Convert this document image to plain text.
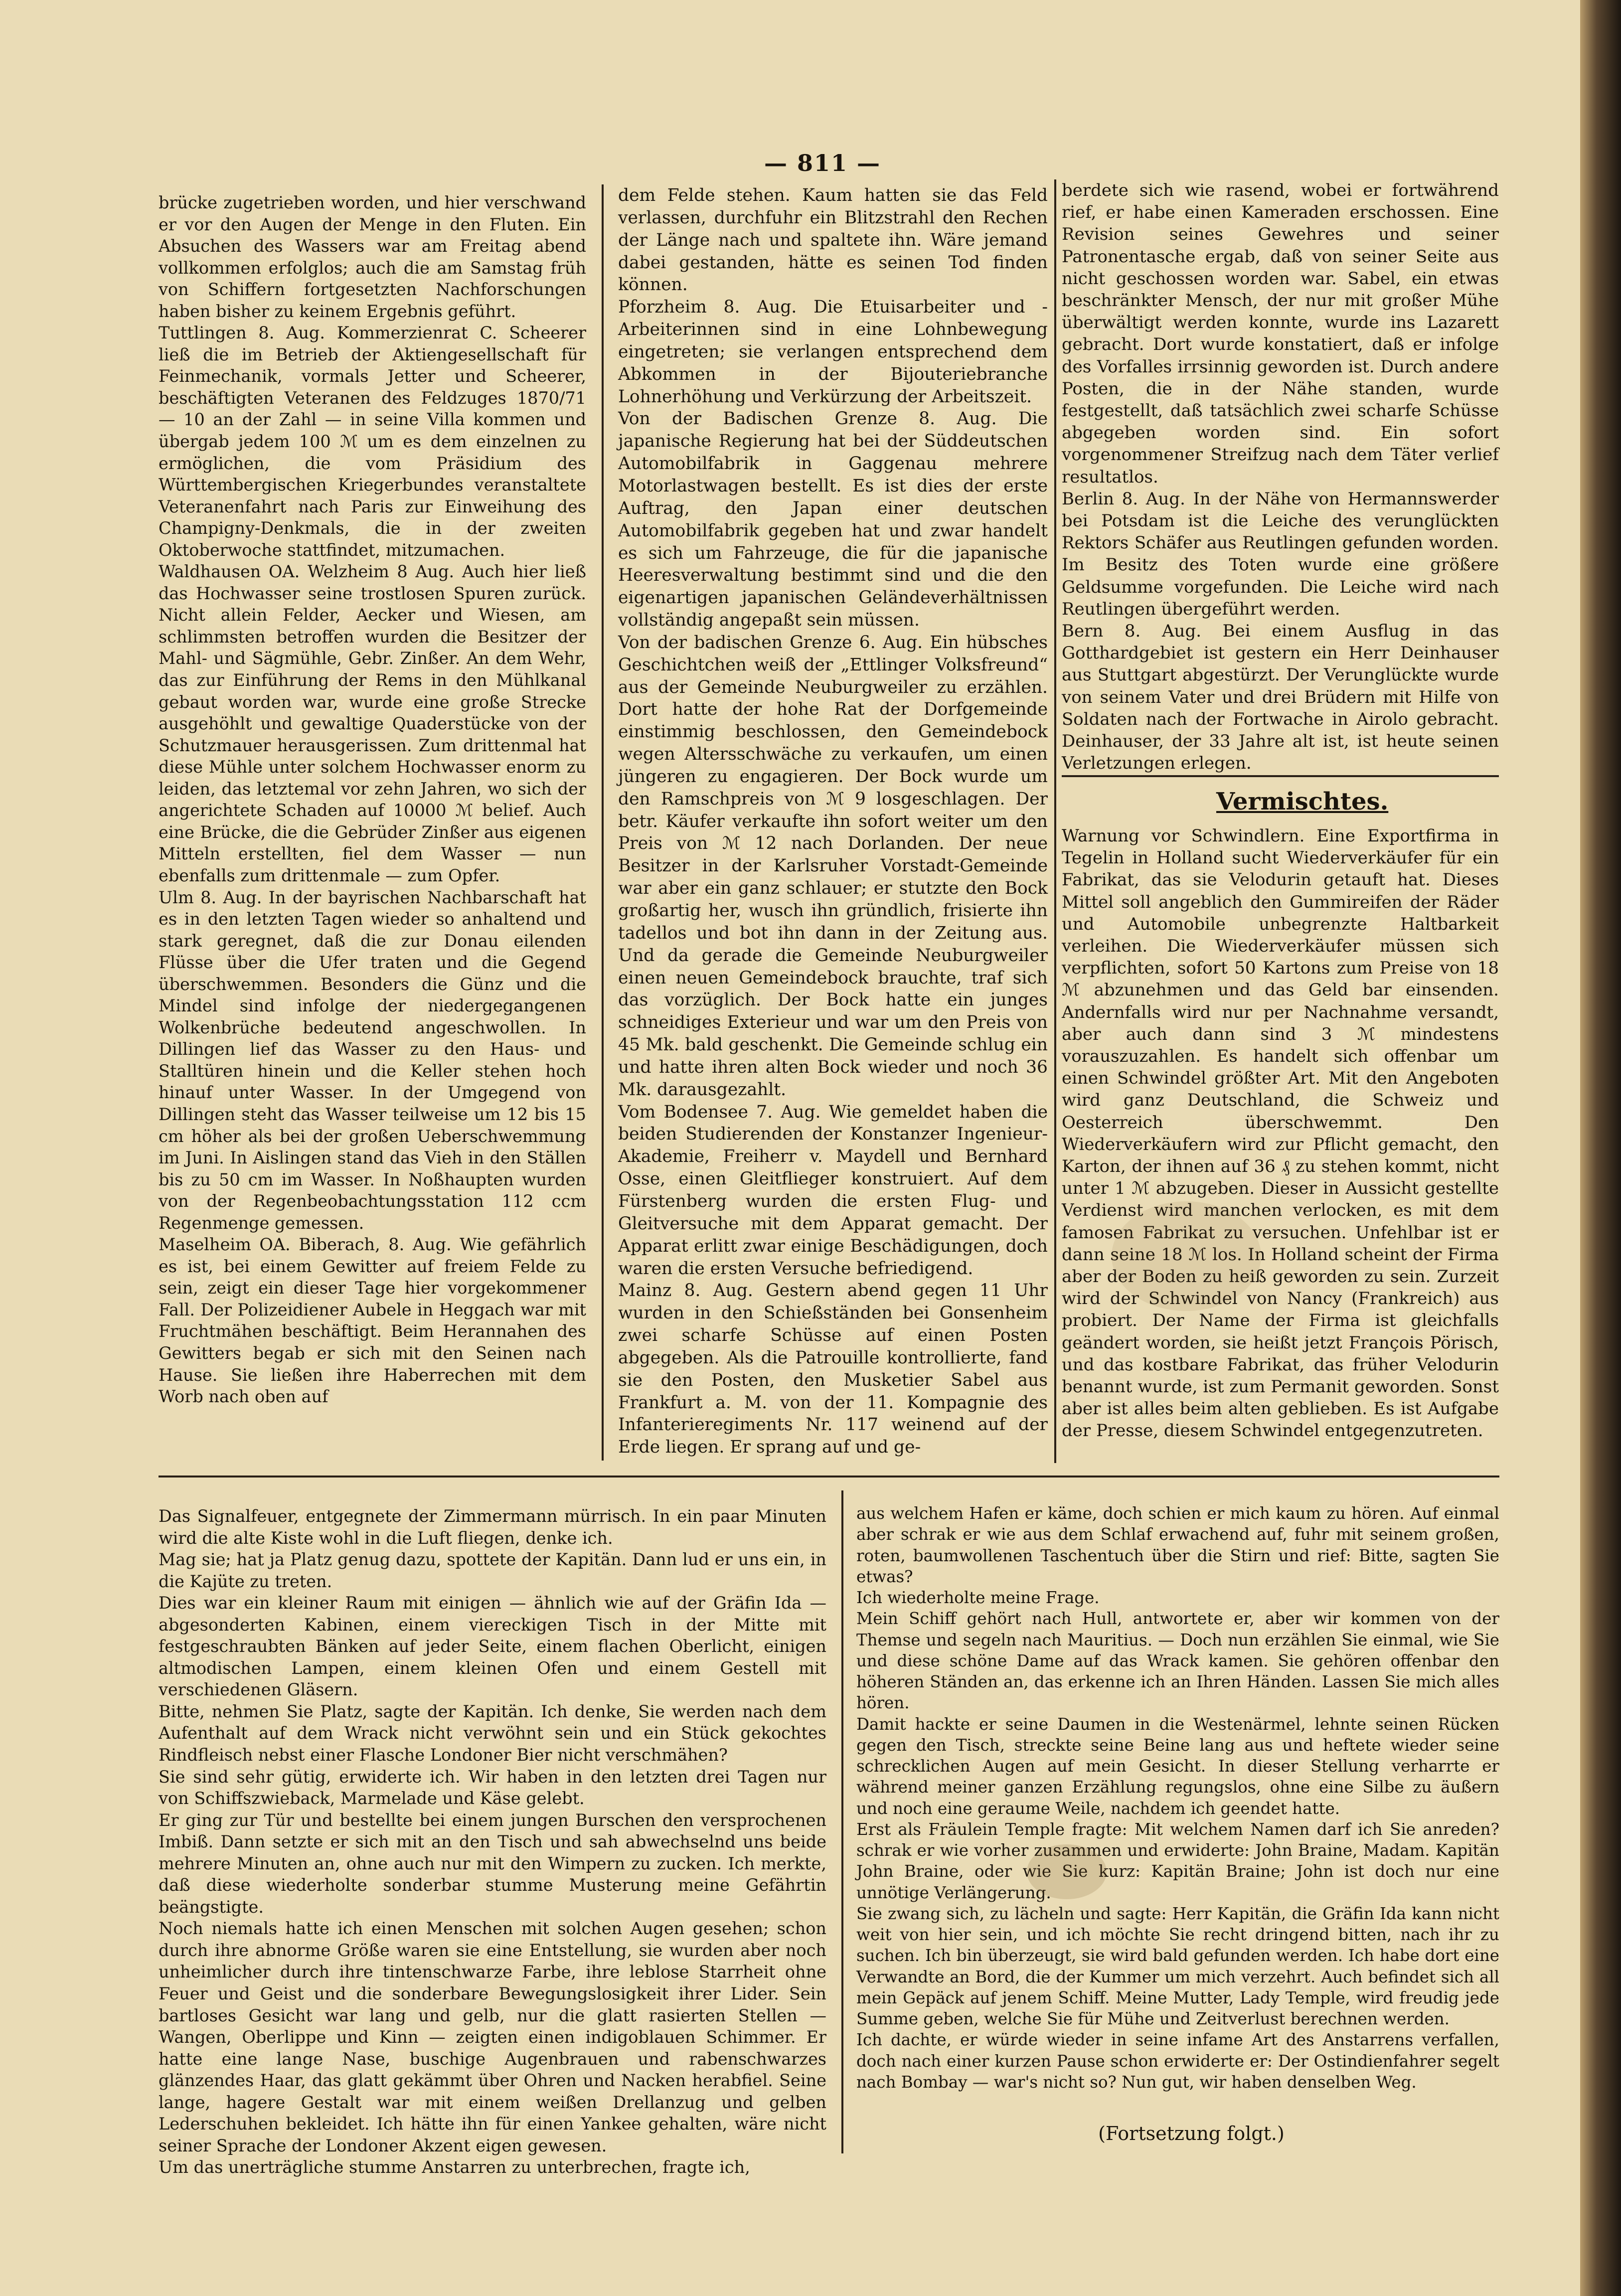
— 811 —

brücke zugetrieben worden, und hier verschwand er vor den Augen der Menge in den Fluten. Ein Absuchen des Wassers war am Freitag abend vollkommen erfolglos; auch die am Samstag früh von Schiffern fortgesetzten Nachforschungen haben bisher zu keinem Ergebnis geführt.
Tuttlingen 8. Aug. Kommerzienrat C. Scheerer ließ die im Betrieb der Aktiengesellschaft für Feinmechanik, vormals Jetter und Scheerer, beschäftigten Veteranen des Feldzuges 1870/71 — 10 an der Zahl — in seine Villa kommen und übergab jedem 100 ℳ um es dem einzelnen zu ermöglichen, die vom Präsidium des Württembergischen Kriegerbundes veranstaltete Veteranenfahrt nach Paris zur Einweihung des Champigny-Denkmals, die in der zweiten Oktoberwoche stattfindet, mitzumachen.
Waldhausen OA. Welzheim 8 Aug. Auch hier ließ das Hochwasser seine trostlosen Spuren zurück. Nicht allein Felder, Aecker und Wiesen, am schlimmsten betroffen wurden die Besitzer der Mahl- und Sägmühle, Gebr. Zinßer. An dem Wehr, das zur Einführung der Rems in den Mühlkanal gebaut worden war, wurde eine große Strecke ausgehöhlt und gewaltige Quaderstücke von der Schutzmauer herausgerissen. Zum drittenmal hat diese Mühle unter solchem Hochwasser enorm zu leiden, das letztemal vor zehn Jahren, wo sich der angerichtete Schaden auf 10000 ℳ belief. Auch eine Brücke, die die Gebrüder Zinßer aus eigenen Mitteln erstellten, fiel dem Wasser — nun ebenfalls zum drittenmale — zum Opfer.
Ulm 8. Aug. In der bayrischen Nachbarschaft hat es in den letzten Tagen wieder so anhaltend und stark geregnet, daß die zur Donau eilenden Flüsse über die Ufer traten und die Gegend überschwemmen. Besonders die Günz und die Mindel sind infolge der niedergegangenen Wolkenbrüche bedeutend angeschwollen. In Dillingen lief das Wasser zu den Haus- und Stalltüren hinein und die Keller stehen hoch hinauf unter Wasser. In der Umgegend von Dillingen steht das Wasser teilweise um 12 bis 15 cm höher als bei der großen Ueberschwemmung im Juni. In Aislingen stand das Vieh in den Ställen bis zu 50 cm im Wasser. In Noßhaupten wurden von der Regenbeobachtungsstation 112 ccm Regenmenge gemessen.
Maselheim OA. Biberach, 8. Aug. Wie gefährlich es ist, bei einem Gewitter auf freiem Felde zu sein, zeigt ein dieser Tage hier vorgekommener Fall. Der Polizeidiener Aubele in Heggach war mit Fruchtmähen beschäftigt. Beim Herannahen des Gewitters begab er sich mit den Seinen nach Hause. Sie ließen ihre Haberrechen mit dem Worb nach oben auf

dem Felde stehen. Kaum hatten sie das Feld verlassen, durchfuhr ein Blitzstrahl den Rechen der Länge nach und spaltete ihn. Wäre jemand dabei gestanden, hätte es seinen Tod finden können.
Pforzheim 8. Aug. Die Etuisarbeiter und -Arbeiterinnen sind in eine Lohnbewegung eingetreten; sie verlangen entsprechend dem Abkommen in der Bijouteriebranche Lohnerhöhung und Verkürzung der Arbeitszeit.
Von der Badischen Grenze 8. Aug. Die japanische Regierung hat bei der Süddeutschen Automobilfabrik in Gaggenau mehrere Motorlastwagen bestellt. Es ist dies der erste Auftrag, den Japan einer deutschen Automobilfabrik gegeben hat und zwar handelt es sich um Fahrzeuge, die für die japanische Heeresverwaltung bestimmt sind und die den eigenartigen japanischen Geländeverhältnissen vollständig angepaßt sein müssen.
Von der badischen Grenze 6. Aug. Ein hübsches Geschichtchen weiß der „Ettlinger Volksfreund“ aus der Gemeinde Neuburgweiler zu erzählen. Dort hatte der hohe Rat der Dorfgemeinde einstimmig beschlossen, den Gemeindebock wegen Altersschwäche zu verkaufen, um einen jüngeren zu engagieren. Der Bock wurde um den Ramschpreis von ℳ 9 losgeschlagen. Der betr. Käufer verkaufte ihn sofort weiter um den Preis von ℳ 12 nach Dorlanden. Der neue Besitzer in der Karlsruher Vorstadt-Gemeinde war aber ein ganz schlauer; er stutzte den Bock großartig her, wusch ihn gründlich, frisierte ihn tadellos und bot ihn dann in der Zeitung aus. Und da gerade die Gemeinde Neuburgweiler einen neuen Gemeindebock brauchte, traf sich das vorzüglich. Der Bock hatte ein junges schneidiges Exterieur und war um den Preis von 45 Mk. bald geschenkt. Die Gemeinde schlug ein und hatte ihren alten Bock wieder und noch 36 Mk. darausgezahlt.
Vom Bodensee 7. Aug. Wie gemeldet haben die beiden Studierenden der Konstanzer Ingenieur-Akademie, Freiherr v. Maydell und Bernhard Osse, einen Gleitflieger konstruiert. Auf dem Fürstenberg wurden die ersten Flug- und Gleitversuche mit dem Apparat gemacht. Der Apparat erlitt zwar einige Beschädigungen, doch waren die ersten Versuche befriedigend.
Mainz 8. Aug. Gestern abend gegen 11 Uhr wurden in den Schießständen bei Gonsenheim zwei scharfe Schüsse auf einen Posten abgegeben. Als die Patrouille kontrollierte, fand sie den Posten, den Musketier Sabel aus Frankfurt a. M. von der 11. Kompagnie des Infanterieregiments Nr. 117 weinend auf der Erde liegen. Er sprang auf und ge-

berdete sich wie rasend, wobei er fortwährend rief, er habe einen Kameraden erschossen. Eine Revision seines Gewehres und seiner Patronentasche ergab, daß von seiner Seite aus nicht geschossen worden war. Sabel, ein etwas beschränkter Mensch, der nur mit großer Mühe überwältigt werden konnte, wurde ins Lazarett gebracht. Dort wurde konstatiert, daß er infolge des Vorfalles irrsinnig geworden ist. Durch andere Posten, die in der Nähe standen, wurde festgestellt, daß tatsächlich zwei scharfe Schüsse abgegeben worden sind. Ein sofort vorgenommener Streifzug nach dem Täter verlief resultatlos.
Berlin 8. Aug. In der Nähe von Hermannswerder bei Potsdam ist die Leiche des verunglückten Rektors Schäfer aus Reutlingen gefunden worden. Im Besitz des Toten wurde eine größere Geldsumme vorgefunden. Die Leiche wird nach Reutlingen übergeführt werden.
Bern 8. Aug. Bei einem Ausflug in das Gotthardgebiet ist gestern ein Herr Deinhauser aus Stuttgart abgestürzt. Der Verunglückte wurde von seinem Vater und drei Brüdern mit Hilfe von Soldaten nach der Fortwache in Airolo gebracht. Deinhauser, der 33 Jahre alt ist, ist heute seinen Verletzungen erlegen.

Vermischtes.

Warnung vor Schwindlern. Eine Exportfirma in Tegelin in Holland sucht Wiederverkäufer für ein Fabrikat, das sie Velodurin getauft hat. Dieses Mittel soll angeblich den Gummireifen der Räder und Automobile unbegrenzte Haltbarkeit verleihen. Die Wiederverkäufer müssen sich verpflichten, sofort 50 Kartons zum Preise von 18 ℳ abzunehmen und das Geld bar einsenden. Andernfalls wird nur per Nachnahme versandt, aber auch dann sind 3 ℳ mindestens vorauszuzahlen. Es handelt sich offenbar um einen Schwindel größter Art. Mit den Angeboten wird ganz Deutschland, die Schweiz und Oesterreich überschwemmt. Den Wiederverkäufern wird zur Pflicht gemacht, den Karton, der ihnen auf 36 ₰ zu stehen kommt, nicht unter 1 ℳ abzugeben. Dieser in Aussicht gestellte Verdienst wird manchen verlocken, es mit dem famosen Fabrikat zu versuchen. Unfehlbar ist er dann seine 18 ℳ los. In Holland scheint der Firma aber der Boden zu heiß geworden zu sein. Zurzeit wird der Schwindel von Nancy (Frankreich) aus probiert. Der Name der Firma ist gleichfalls geändert worden, sie heißt jetzt François Pörisch, und das kostbare Fabrikat, das früher Velodurin benannt wurde, ist zum Permanit geworden. Sonst aber ist alles beim alten geblieben. Es ist Aufgabe der Presse, diesem Schwindel entgegenzutreten.

Das Signalfeuer, entgegnete der Zimmermann mürrisch. In ein paar Minuten wird die alte Kiste wohl in die Luft fliegen, denke ich.
Mag sie; hat ja Platz genug dazu, spottete der Kapitän. Dann lud er uns ein, in die Kajüte zu treten.
Dies war ein kleiner Raum mit einigen — ähnlich wie auf der Gräfin Ida — abgesonderten Kabinen, einem viereckigen Tisch in der Mitte mit festgeschraubten Bänken auf jeder Seite, einem flachen Oberlicht, einigen altmodischen Lampen, einem kleinen Ofen und einem Gestell mit verschiedenen Gläsern.
Bitte, nehmen Sie Platz, sagte der Kapitän. Ich denke, Sie werden nach dem Aufenthalt auf dem Wrack nicht verwöhnt sein und ein Stück gekochtes Rindfleisch nebst einer Flasche Londoner Bier nicht verschmähen?
Sie sind sehr gütig, erwiderte ich. Wir haben in den letzten drei Tagen nur von Schiffszwieback, Marmelade und Käse gelebt.
Er ging zur Tür und bestellte bei einem jungen Burschen den versprochenen Imbiß. Dann setzte er sich mit an den Tisch und sah abwechselnd uns beide mehrere Minuten an, ohne auch nur mit den Wimpern zu zucken. Ich merkte, daß diese wiederholte sonderbar stumme Musterung meine Gefährtin beängstigte.
Noch niemals hatte ich einen Menschen mit solchen Augen gesehen; schon durch ihre abnorme Größe waren sie eine Entstellung, sie wurden aber noch unheimlicher durch ihre tintenschwarze Farbe, ihre leblose Starrheit ohne Feuer und Geist und die sonderbare Bewegungslosigkeit ihrer Lider. Sein bartloses Gesicht war lang und gelb, nur die glatt rasierten Stellen — Wangen, Oberlippe und Kinn — zeigten einen indigoblauen Schimmer. Er hatte eine lange Nase, buschige Augenbrauen und rabenschwarzes glänzendes Haar, das glatt gekämmt über Ohren und Nacken herabfiel. Seine lange, hagere Gestalt war mit einem weißen Drellanzug und gelben Lederschuhen bekleidet. Ich hätte ihn für einen Yankee gehalten, wäre nicht seiner Sprache der Londoner Akzent eigen gewesen.
Um das unerträgliche stumme Anstarren zu unterbrechen, fragte ich,

aus welchem Hafen er käme, doch schien er mich kaum zu hören. Auf einmal aber schrak er wie aus dem Schlaf erwachend auf, fuhr mit seinem großen, roten, baumwollenen Taschentuch über die Stirn und rief: Bitte, sagten Sie etwas?
Ich wiederholte meine Frage.
Mein Schiff gehört nach Hull, antwortete er, aber wir kommen von der Themse und segeln nach Mauritius. — Doch nun erzählen Sie einmal, wie Sie und diese schöne Dame auf das Wrack kamen. Sie gehören offenbar den höheren Ständen an, das erkenne ich an Ihren Händen. Lassen Sie mich alles hören.
Damit hackte er seine Daumen in die Westenärmel, lehnte seinen Rücken gegen den Tisch, streckte seine Beine lang aus und heftete wieder seine schrecklichen Augen auf mein Gesicht. In dieser Stellung verharrte er während meiner ganzen Erzählung regungslos, ohne eine Silbe zu äußern und noch eine geraume Weile, nachdem ich geendet hatte.
Erst als Fräulein Temple fragte: Mit welchem Namen darf ich Sie anreden? schrak er wie vorher zusammen und erwiderte: John Braine, Madam. Kapitän John Braine, oder wie Sie kurz: Kapitän Braine; John ist doch nur eine unnötige Verlängerung.
Sie zwang sich, zu lächeln und sagte: Herr Kapitän, die Gräfin Ida kann nicht weit von hier sein, und ich möchte Sie recht dringend bitten, nach ihr zu suchen. Ich bin überzeugt, sie wird bald gefunden werden. Ich habe dort eine Verwandte an Bord, die der Kummer um mich verzehrt. Auch befindet sich all mein Gepäck auf jenem Schiff. Meine Mutter, Lady Temple, wird freudig jede Summe geben, welche Sie für Mühe und Zeitverlust berechnen werden.
Ich dachte, er würde wieder in seine infame Art des Anstarrens verfallen, doch nach einer kurzen Pause schon erwiderte er: Der Ostindienfahrer segelt nach Bombay — war's nicht so? Nun gut, wir haben denselben Weg.

(Fortsetzung folgt.)
